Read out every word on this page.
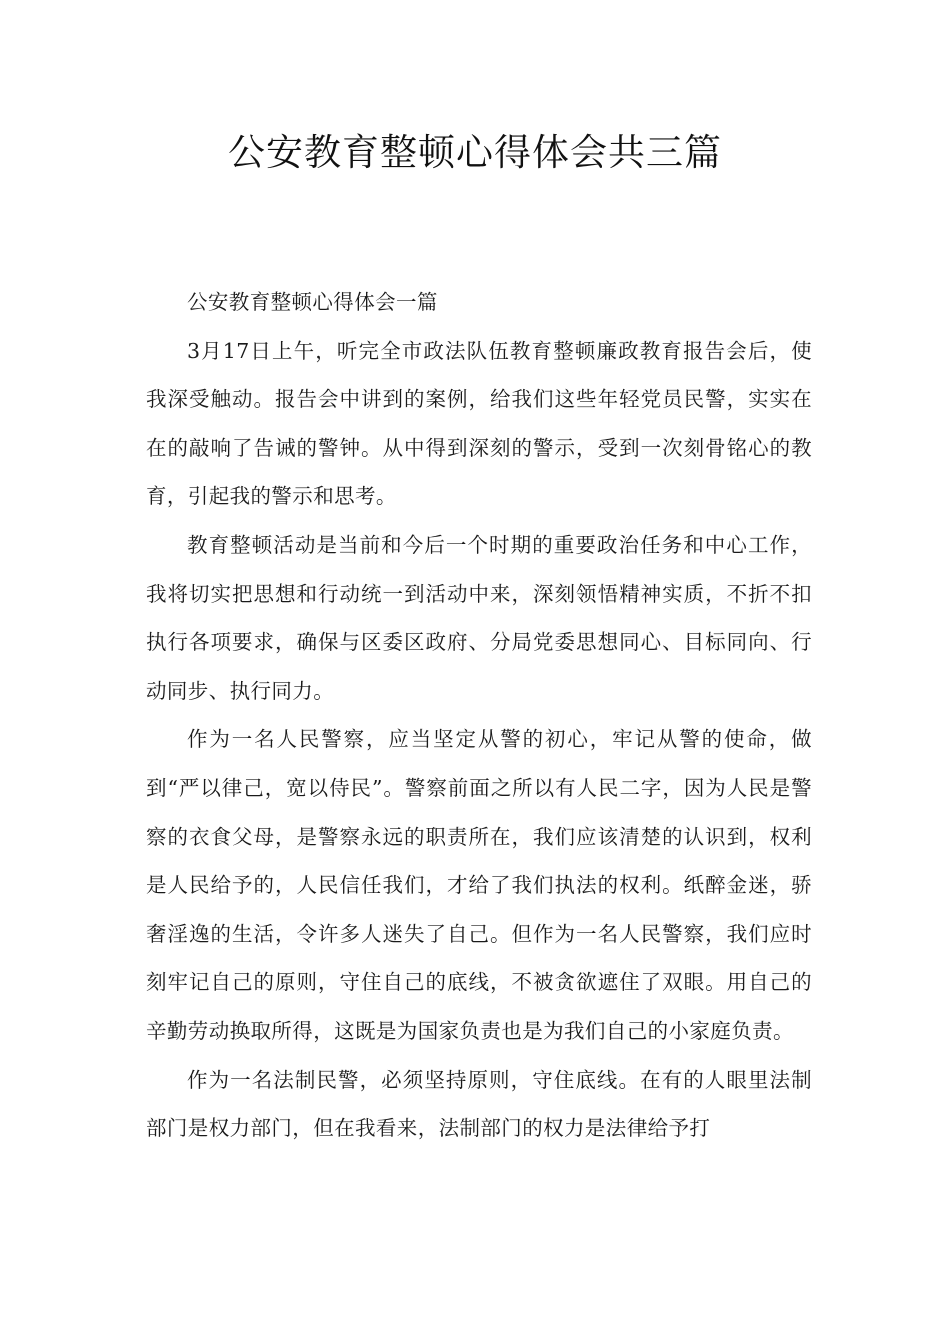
公安教育整顿心得体会共三篇

公安教育整顿心得体会一篇

3月17日上午，听完全市政法队伍教育整顿廉政教育报告会后，使我深受触动。报告会中讲到的案例，给我们这些年轻党员民警，实实在在的敲响了告诫的警钟。从中得到深刻的警示，受到一次刻骨铭心的教育，引起我的警示和思考。

教育整顿活动是当前和今后一个时期的重要政治任务和中心工作，我将切实把思想和行动统一到活动中来，深刻领悟精神实质，不折不扣执行各项要求，确保与区委区政府、分局党委思想同心、目标同向、行动同步、执行同力。

作为一名人民警察，应当坚定从警的初心，牢记从警的使命，做到“严以律己，宽以侍民”。警察前面之所以有人民二字，因为人民是警察的衣食父母，是警察永远的职责所在，我们应该清楚的认识到，权利是人民给予的，人民信任我们，才给了我们执法的权利。纸醉金迷，骄奢淫逸的生活，令许多人迷失了自己。但作为一名人民警察，我们应时刻牢记自己的原则，守住自己的底线，不被贪欲遮住了双眼。用自己的辛勤劳动换取所得，这既是为国家负责也是为我们自己的小家庭负责。

作为一名法制民警，必须坚持原则，守住底线。在有的人眼里法制部门是权力部门，但在我看来，法制部门的权力是法律给予打
